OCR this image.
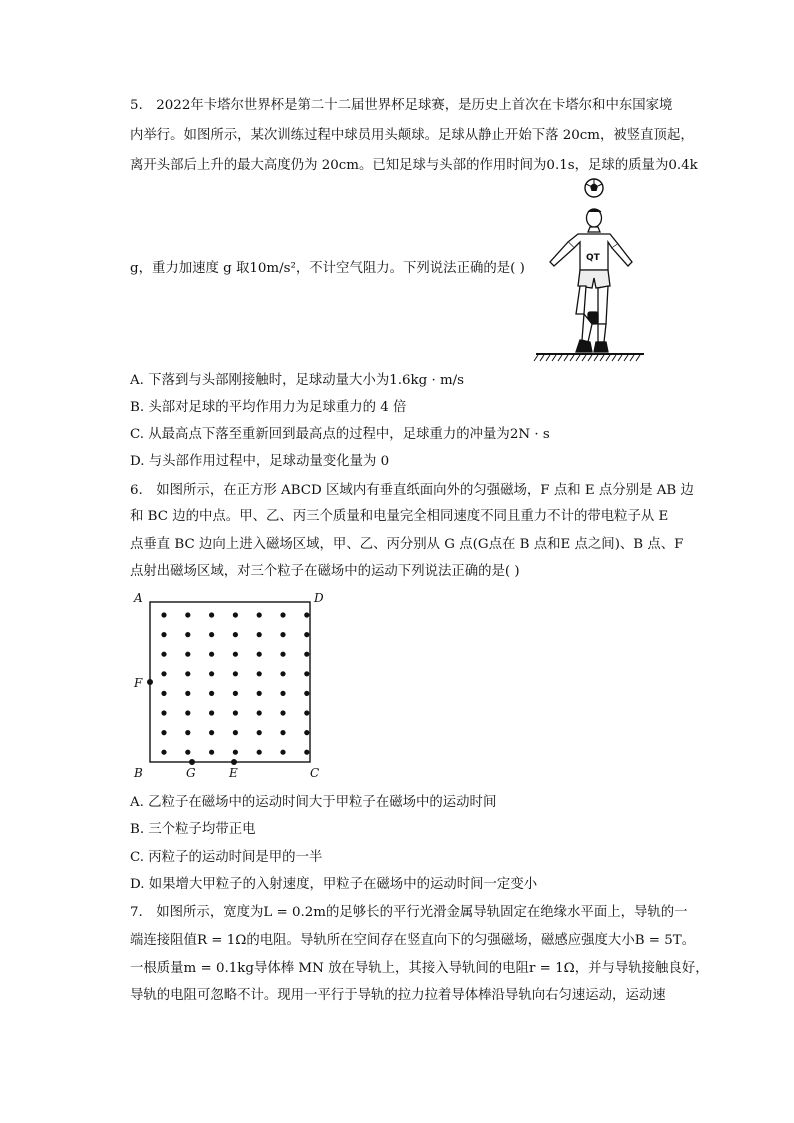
5. 2022年卡塔尔世界杯是第二十二届世界杯足球赛，是历史上首次在卡塔尔和中东国家境
内举行。如图所示，某次训练过程中球员用头颠球。足球从静止开始下落 20cm，被竖直顶起，
离开头部后上升的最大高度仍为 20cm。已知足球与头部的作用时间为0.1s，足球的质量为0.4k
g，重力加速度 g 取10m/s²，不计空气阻力。下列说法正确的是( )
QT
A. 下落到与头部刚接触时，足球动量大小为1.6kg · m/s
B. 头部对足球的平均作用力为足球重力的 4 倍
C. 从最高点下落至重新回到最高点的过程中，足球重力的冲量为2N · s
D. 与头部作用过程中，足球动量变化量为 0
6. 如图所示，在正方形 ABCD 区域内有垂直纸面向外的匀强磁场，F 点和 E 点分别是 AB 边
和 BC 边的中点。甲、乙、丙三个质量和电量完全相同速度不同且重力不计的带电粒子从 E
点垂直 BC 边向上进入磁场区域，甲、乙、丙分别从 G 点(G点在 B 点和E 点之间)、B 点、F
点射出磁场区域，对三个粒子在磁场中的运动下列说法正确的是( )
A	D
B	C
F
G	E
A. 乙粒子在磁场中的运动时间大于甲粒子在磁场中的运动时间
B. 三个粒子均带正电
C. 丙粒子的运动时间是甲的一半
D. 如果增大甲粒子的入射速度，甲粒子在磁场中的运动时间一定变小
7. 如图所示，宽度为L = 0.2m的足够长的平行光滑金属导轨固定在绝缘水平面上，导轨的一
端连接阻值R = 1Ω的电阻。导轨所在空间存在竖直向下的匀强磁场，磁感应强度大小B = 5T。
一根质量m = 0.1kg导体棒 MN 放在导轨上，其接入导轨间的电阻r = 1Ω，并与导轨接触良好，
导轨的电阻可忽略不计。现用一平行于导轨的拉力拉着导体棒沿导轨向右匀速运动，运动速
